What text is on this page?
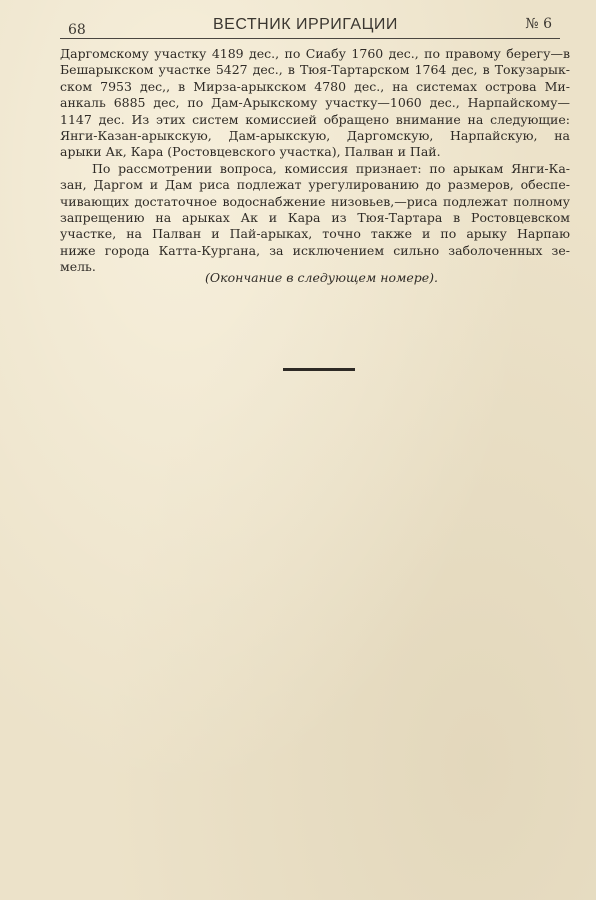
68	ВЕСТНИК ИРРИГАЦИИ	№ 6
Даргомскому участку 4189 дес., по Сиабу 1760 дес., по правому берегу—в
Бешарыкском участке 5427 дес., в Тюя-Тартарском 1764 дес, в Токузарык-
ском 7953 дес,, в Мирза-арыкском 4780 дес., на системах острова Ми-
анкаль 6885 дес, по Дам-Арыкскому участку—1060 дес., Нарпайскому—
1147 дес. Из этих систем комиссией обращено внимание на следующие:
Янги-Казан-арыкскую, Дам-арыкскую, Даргомскую, Нарпайскую, на
арыки Ак, Кара (Ростовцевского участка), Палван и Пай.
По рассмотрении вопроса, комиссия признает: по арыкам Янги-Ка-
зан, Даргом и Дам риса подлежат урегулированию до размеров, обеспе-
чивающих достаточное водоснабжение низовьев,—риса подлежат полному
запрещению на арыках Ак и Кара из Тюя-Тартара в Ростовцевском
участке, на Палван и Пай-арыках, точно также и по арыку Нарпаю
ниже города Катта-Кургана, за исключением сильно заболоченных зе-
мель.
(Окончание в следующем номере).
